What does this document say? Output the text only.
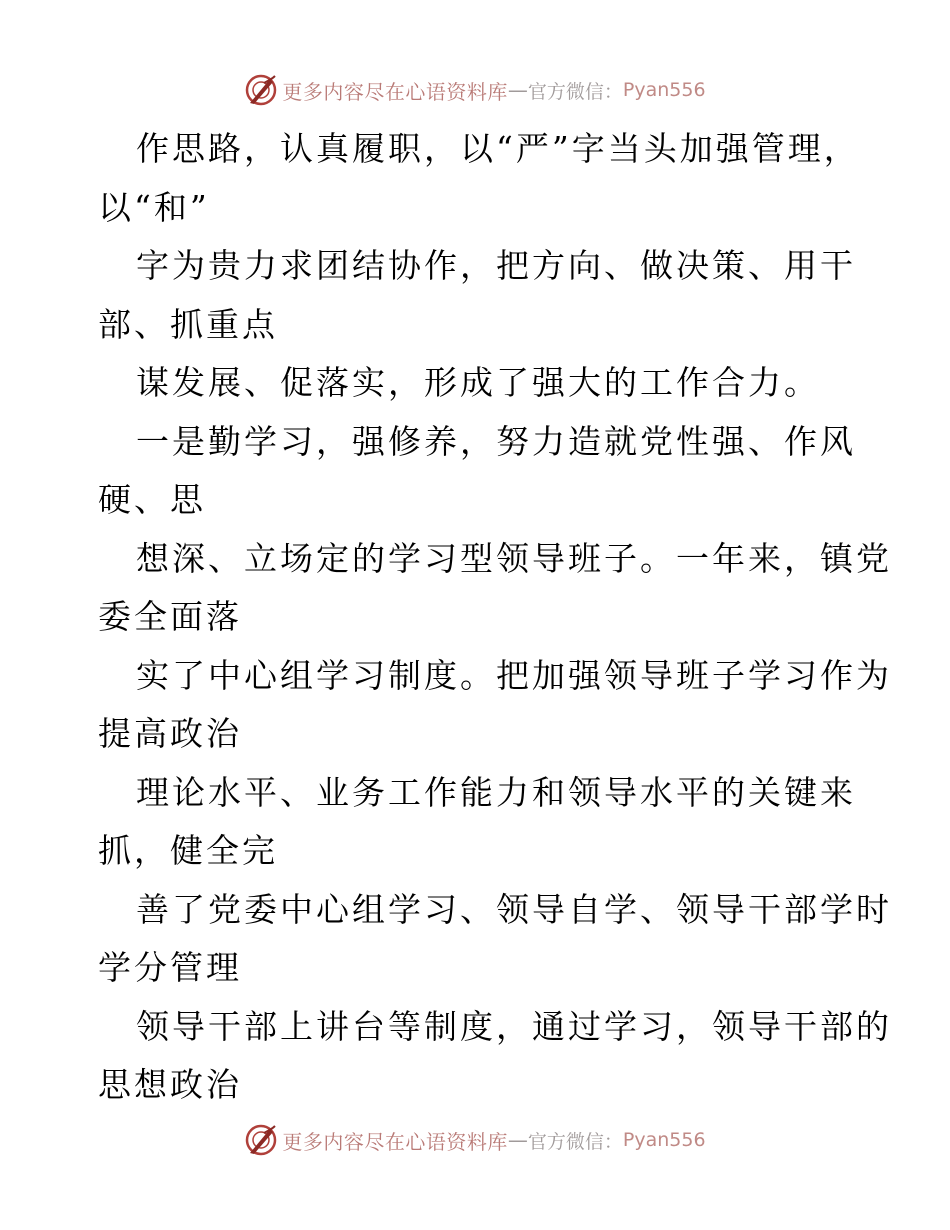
更多内容尽在心语资料库 — 官方微信： Pyan556
作思路，认真履职，以“严”字当头加强管理，
以“和”
字为贵力求团结协作，把方向、做决策、用干
部、抓重点
谋发展、促落实，形成了强大的工作合力。
一是勤学习，强修养，努力造就党性强、作风
硬、思
想深、立场定的学习型领导班子。一年来，镇党
委全面落
实了中心组学习制度。把加强领导班子学习作为
提高政治
理论水平、业务工作能力和领导水平的关键来
抓，健全完
善了党委中心组学习、领导自学、领导干部学时
学分管理
领导干部上讲台等制度，通过学习，领导干部的
思想政治
更多内容尽在心语资料库 — 官方微信： Pyan556
